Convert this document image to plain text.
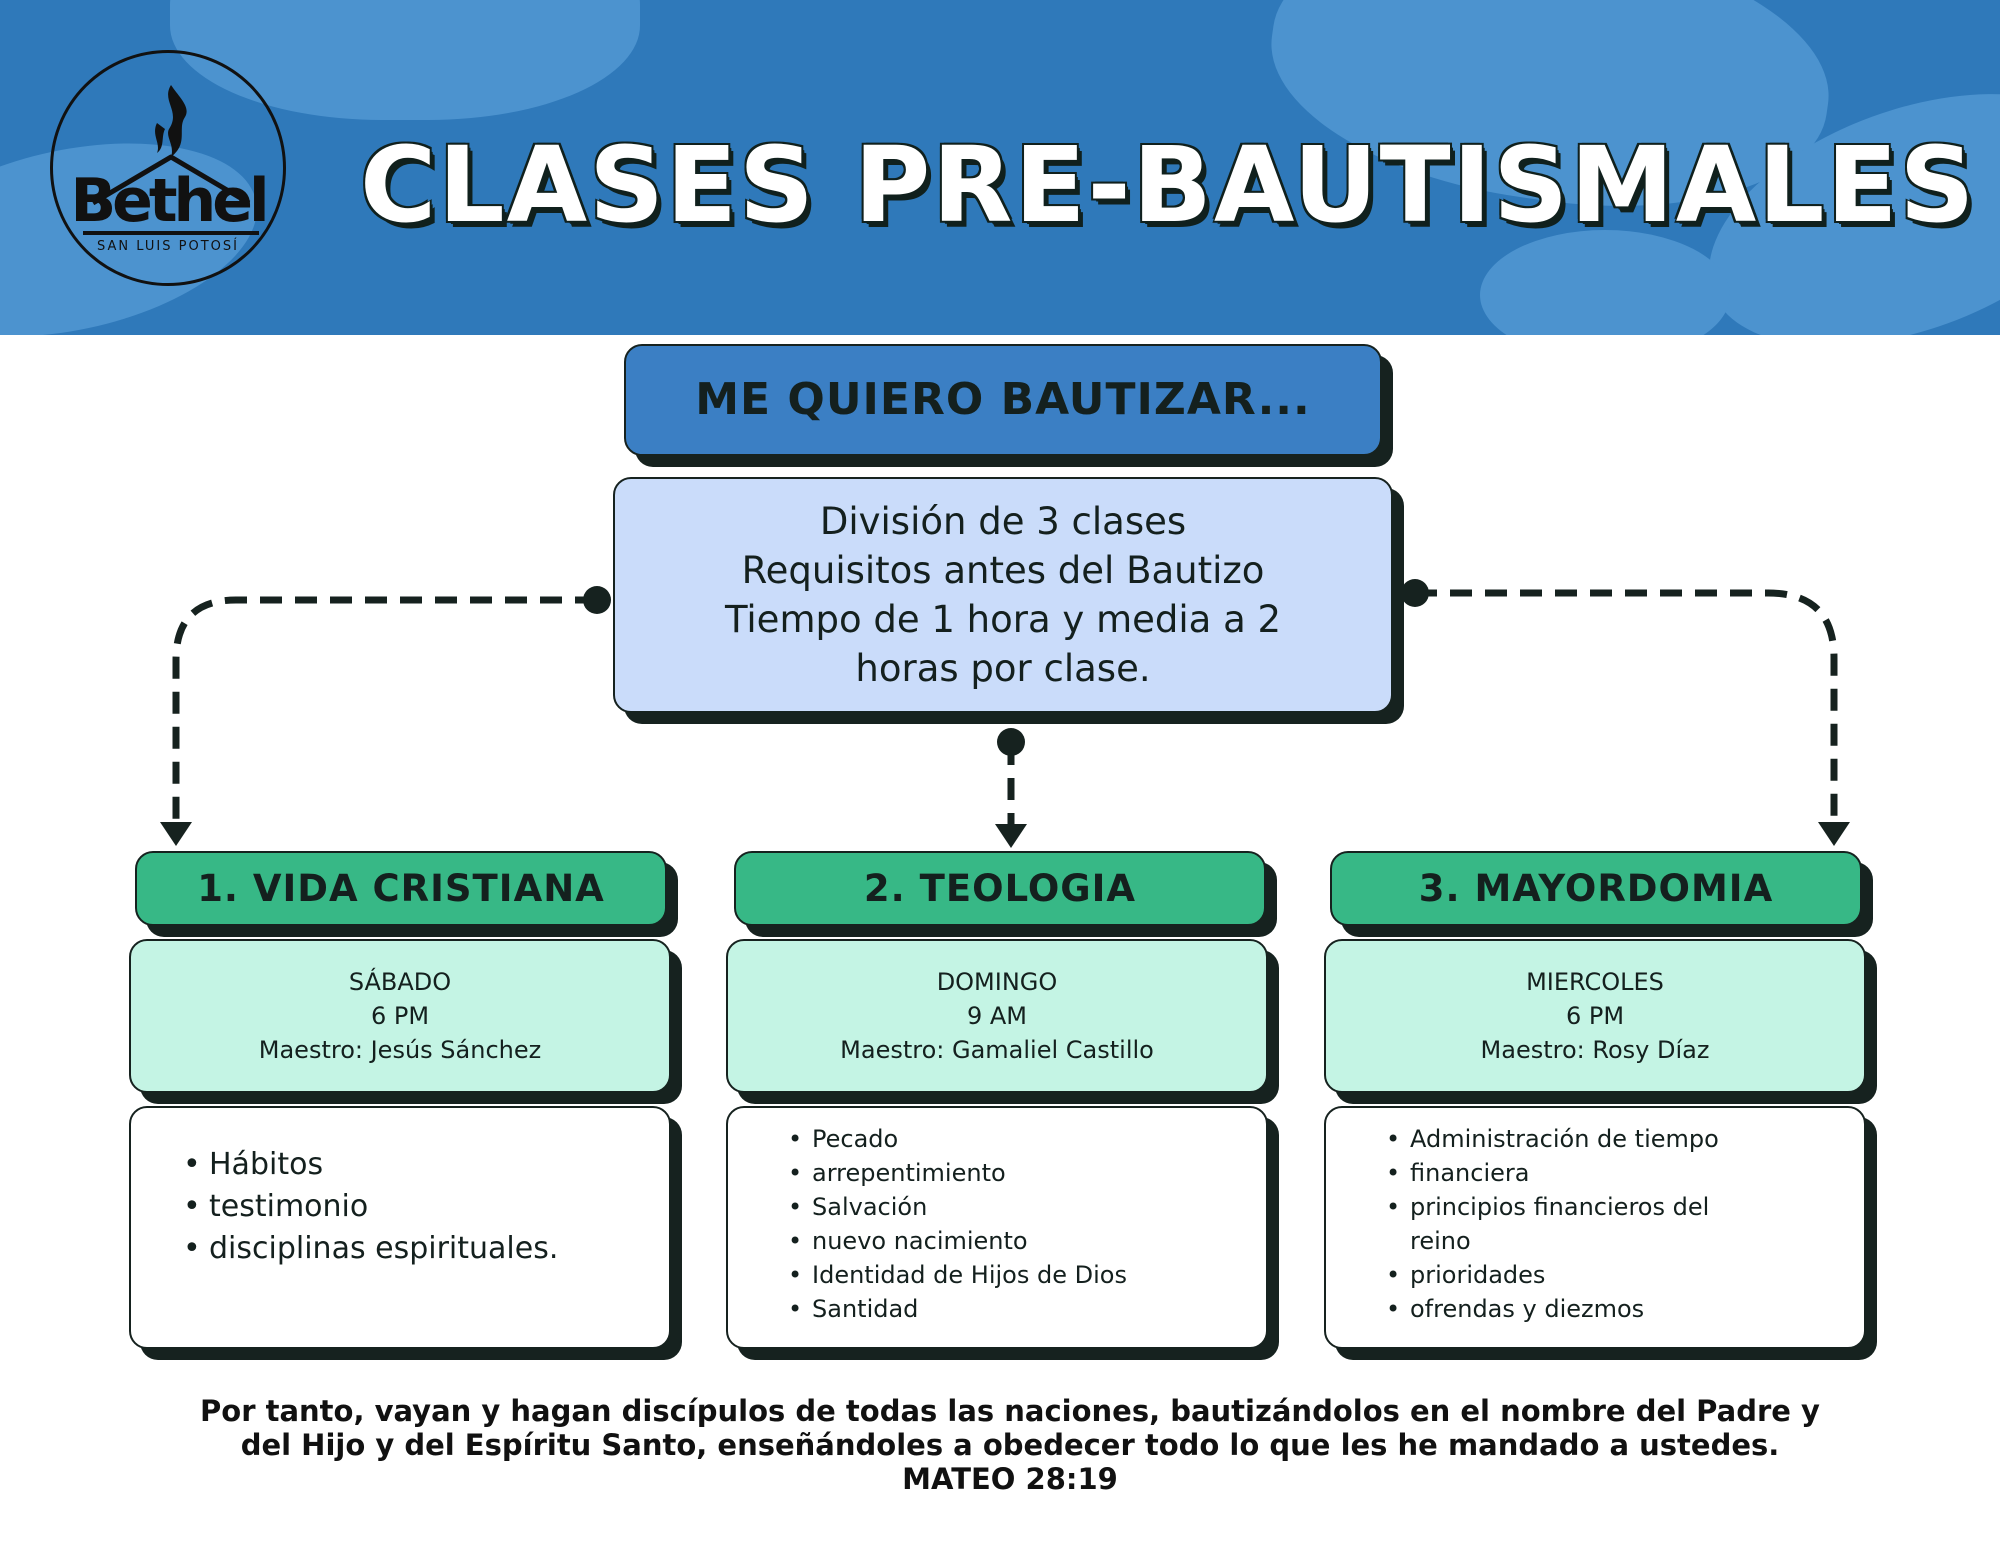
Bethel
SAN LUIS POTOSÍ
CLASES PRE-BAUTISMALES
ME QUIERO BAUTIZAR...
División de 3 clases
Requisitos antes del Bautizo
Tiempo de 1 hora y media a 2
horas por clase.
1. VIDA CRISTIANA
SÁBADO
6 PM
Maestro: Jesús Sánchez
• Hábitos
• testimonio
• disciplinas espirituales.
2. TEOLOGIA
DOMINGO
9 AM
Maestro: Gamaliel Castillo
• Pecado
• arrepentimiento
• Salvación
• nuevo nacimiento
• Identidad de Hijos de Dios
• Santidad
3. MAYORDOMIA
MIERCOLES
6 PM
Maestro: Rosy Díaz
• Administración de tiempo
• financiera
• principios financieros del
reino
• prioridades
• ofrendas y diezmos
Por tanto, vayan y hagan discípulos de todas las naciones, bautizándolos en el nombre del Padre y
del Hijo y del Espíritu Santo, enseñándoles a obedecer todo lo que les he mandado a ustedes.
MATEO 28:19
